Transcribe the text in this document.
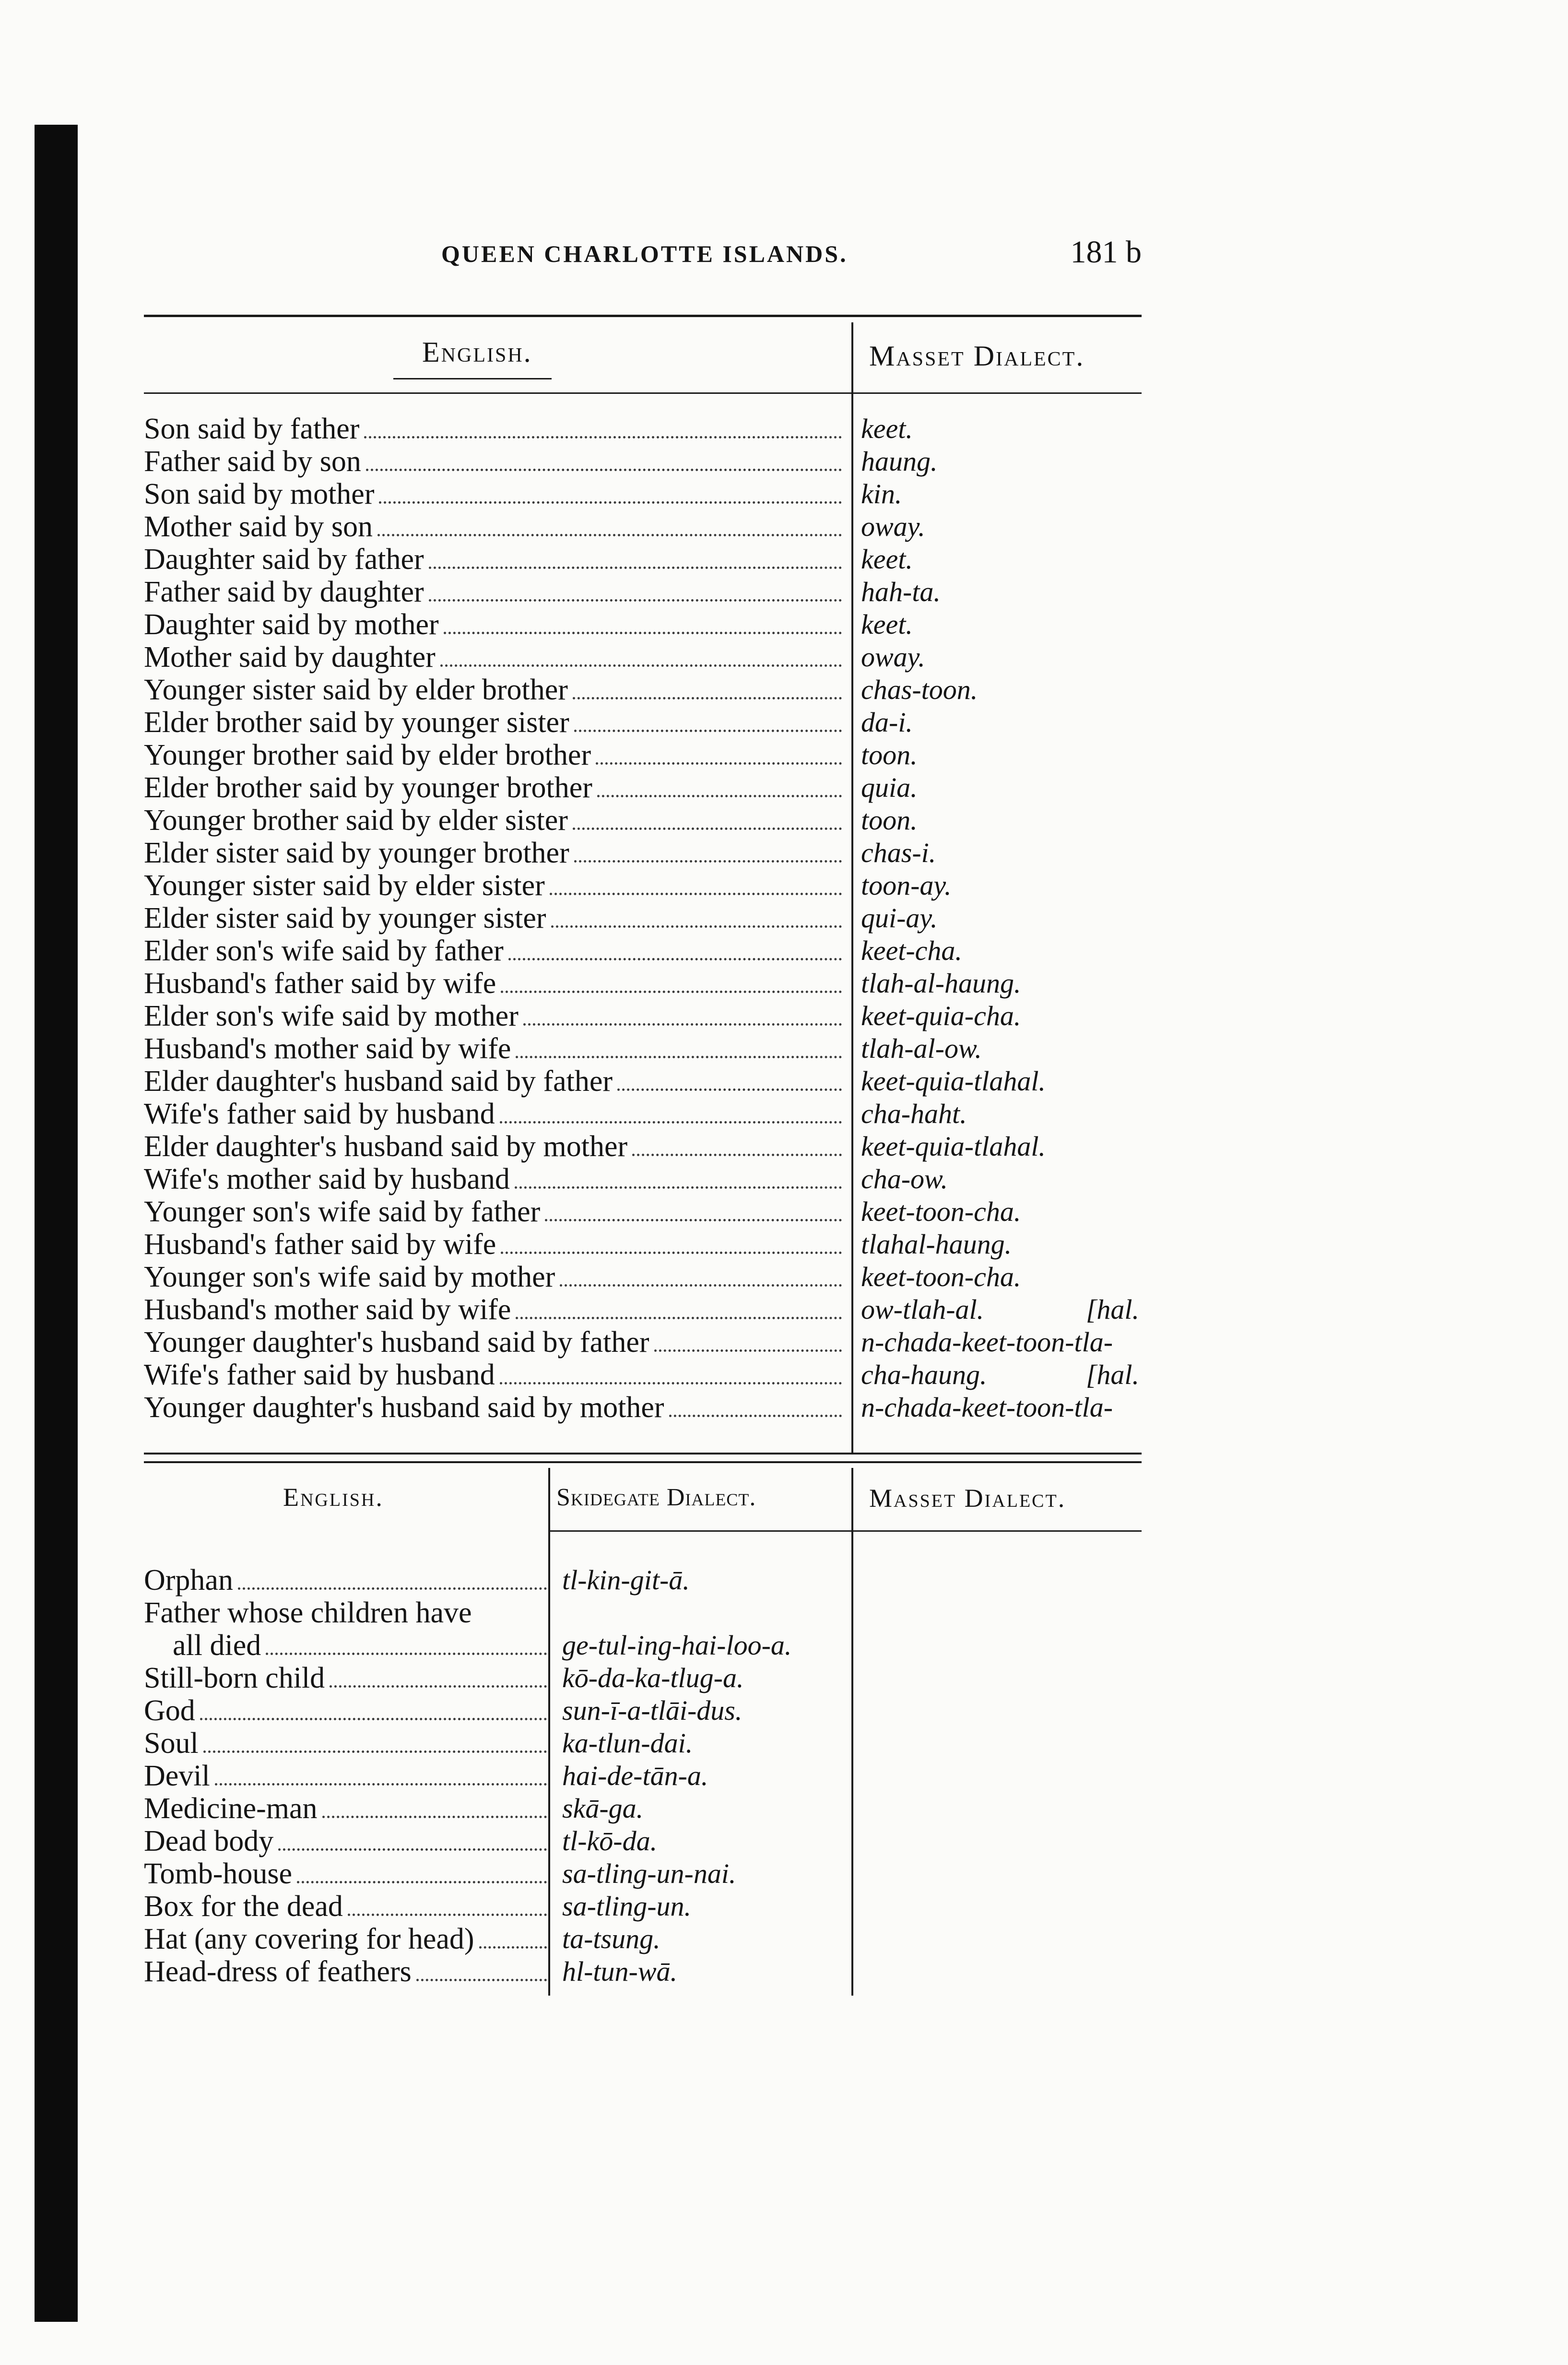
QUEEN CHARLOTTE ISLANDS.	181 b
English.	Masset Dialect.
Son said by father	keet.
Father said by son	haung.
Son said by mother	kin.
Mother said by son	oway.
Daughter said by father	keet.
Father said by daughter	hah-ta.
Daughter said by mother	keet.
Mother said by daughter	oway.
Younger sister said by elder brother	chas-toon.
Elder brother said by younger sister	da-i.
Younger brother said by elder brother	toon.
Elder brother said by younger brother	quia.
Younger brother said by elder sister	toon.
Elder sister said by younger brother	chas-i.
Younger sister said by elder sister	toon-ay.
Elder sister said by younger sister	qui-ay.
Elder son's wife said by father	keet-cha.
Husband's father said by wife	tlah-al-haung.
Elder son's wife said by mother	keet-quia-cha.
Husband's mother said by wife	tlah-al-ow.
Elder daughter's husband said by father	keet-quia-tlahal.
Wife's father said by husband	cha-haht.
Elder daughter's husband said by mother	keet-quia-tlahal.
Wife's mother said by husband	cha-ow.
Younger son's wife said by father	keet-toon-cha.
Husband's father said by wife	tlahal-haung.
Younger son's wife said by mother	keet-toon-cha.
Husband's mother said by wife	ow-tlah-al.	[hal.
Younger daughter's husband said by father	n-chada-keet-toon-tla-
Wife's father said by husband	cha-haung.	[hal.
Younger daughter's husband said by mother	n-chada-keet-toon-tla-
English.	Skidegate Dialect.	Masset Dialect.
Orphan	tl-kin-git-ā.
Father whose children have
all died	ge-tul-ing-hai-loo-a.
Still-born child	kō-da-ka-tlug-a.
God	sun-ī-a-tlāi-dus.
Soul	ka-tlun-dai.
Devil	hai-de-tān-a.
Medicine-man	skā-ga.
Dead body	tl-kō-da.
Tomb-house	sa-tling-un-nai.
Box for the dead	sa-tling-un.
Hat (any covering for head)	ta-tsung.
Head-dress of feathers	hl-tun-wā.
